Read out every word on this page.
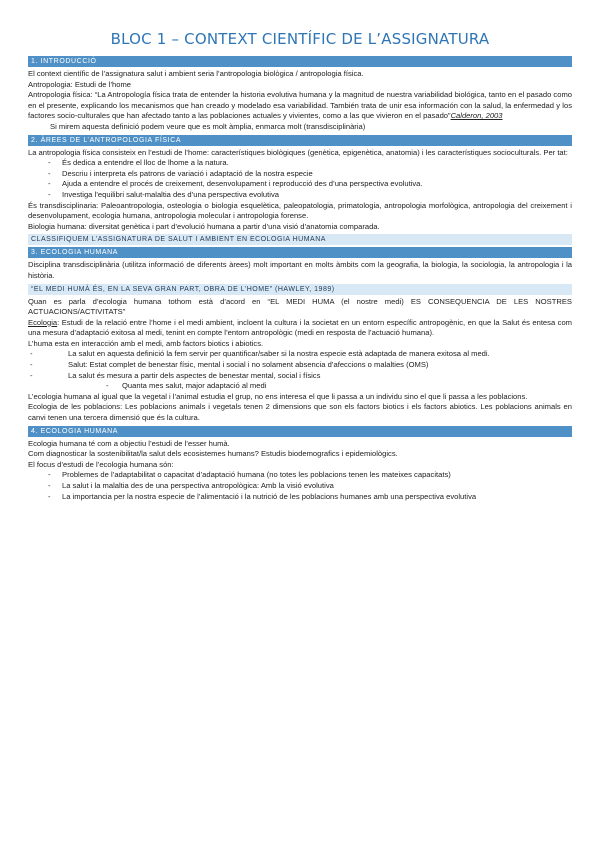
BLOC 1 – CONTEXT CIENTÍFIC DE L’ASSIGNATURA
1. INTRODUCCIÓ

El context científic de l’assignatura salut i ambient seria l’antropologia biològica / antropologia física.

Antropologia: Estudi de l’home

Antropologia física: “La Antropología física trata de entender la historia evolutiva humana y la magnitud de nuestra variabilidad biológica, tanto en el pasado como en el presente, explicando los mecanismos que han creado y modelado esa variabilidad. También trata de unir esa información con la salud, la enfermedad y los factores socio-culturales que han afectado tanto a las poblaciones actuales y vivientes, como a las que vivieron en el pasado”Calderon, 2003

Si mirem aquesta definició podem veure que es molt àmplia, enmarca molt (transdisciplinària)

2. ÀREES DE L’ANTROPOLOGIA FÍSICA

La antropologia física consisteix en l’estudi de l’home: característiques biològiques (genètica, epigenètica, anatomia) i les característiques socioculturals. Per tat:

- És dedica a entendre el lloc de lhome a la natura.
- Descriu i interpreta els patrons de variació i adaptació de la nostra especie
- Ajuda a entendre el procés de creixement, desenvolupament i reproducció des d’una perspectiva evolutiva.
- Investiga l’equilibri salut-malaltia des d’una perspectiva evolutiva

És transdisciplinaria: Paleoantropologia, osteologia o biologia esquelètica, paleopatologia, primatologia, antropologia morfològica, antropologia del creixement i desenvolupament, ecologia humana, antropologia molecular i antropologia forense.

Biologia humana: diversitat genètica i part d’evolució humana a partir d’una visió d’anatomia comparada.

CLASSIFIQUEM L’ASSIGNATURA DE SALUT I AMBIENT EN ECOLOGIA HUMANA
3. ECOLOGIA HUMANA

Disciplina transdisciplinària (utilitza informació de diferents àrees) molt important en molts àmbits com la geografia, la biologia, la sociologia, la antropologia i la història.

“EL MEDI HUMÀ ÉS, EN LA SEVA GRAN PART, OBRA DE L’HOME” (HAWLEY, 1989)

Quan es parla d’ecologia humana tothom està d’acord en “EL MEDI HUMA (el nostre medi) ES CONSEQUENCIA DE LES NOSTRES ACTUACIONS/ACTIVITATS”

Ecologia: Estudi de la relació entre l’home i el medi ambient, incloent la cultura i la societat en un entorn específic antropogènic, en que la Salut és entesa com una mesura d’adaptació exitosa al medi, tenint en compte l’entorn antropològic (medi en resposta de l’actuació humana).

L’huma esta en interacción amb el medi, amb factors biotics i abiotics.

- La salut en aquesta definició la fem servir per quantificar/saber si la nostra especie està adaptada de manera exitosa al medi.
- Salut: Estat complet de benestar físic, mental i social i no solament absencia d’afeccions o malalties (OMS)
- La salut és mesura a partir dels aspectes de benestar mental, social i físics
- Quanta mes salut, major adaptació al medi

L’ecologia humana al igual que la vegetal i l’animal estudia el grup, no ens interesa el que li passa a un individu sino el que li passa a les poblacions.

Ecologia de les poblacions: Les poblacions animals i vegetals tenen 2 dimensions que son els factors biotics i els factors abiotics. Les poblacions animals en canvi tenen una tercera dimensió que és la cultura.

4. ECOLOGIA HUMANA

Ecologia humana té com a objectiu l’estudi de l’esser humà.

Com diagnosticar la sostenibilitat/la salut dels ecosistemes humans? Estudis biodemografics i epidemiològics.

El focus d’estudi de l’ecologia humana són:

- Problemes de l’adaptabilitat o capacitat d’adaptació humana (no totes les poblacions tenen les mateixes capacitats)
- La salut i la malaltia des de una perspectiva antropològica: Amb la visió evolutiva
- La importancia per la nostra especie de l’alimentació i la nutrició de les poblacions humanes amb una perspectiva evolutiva
